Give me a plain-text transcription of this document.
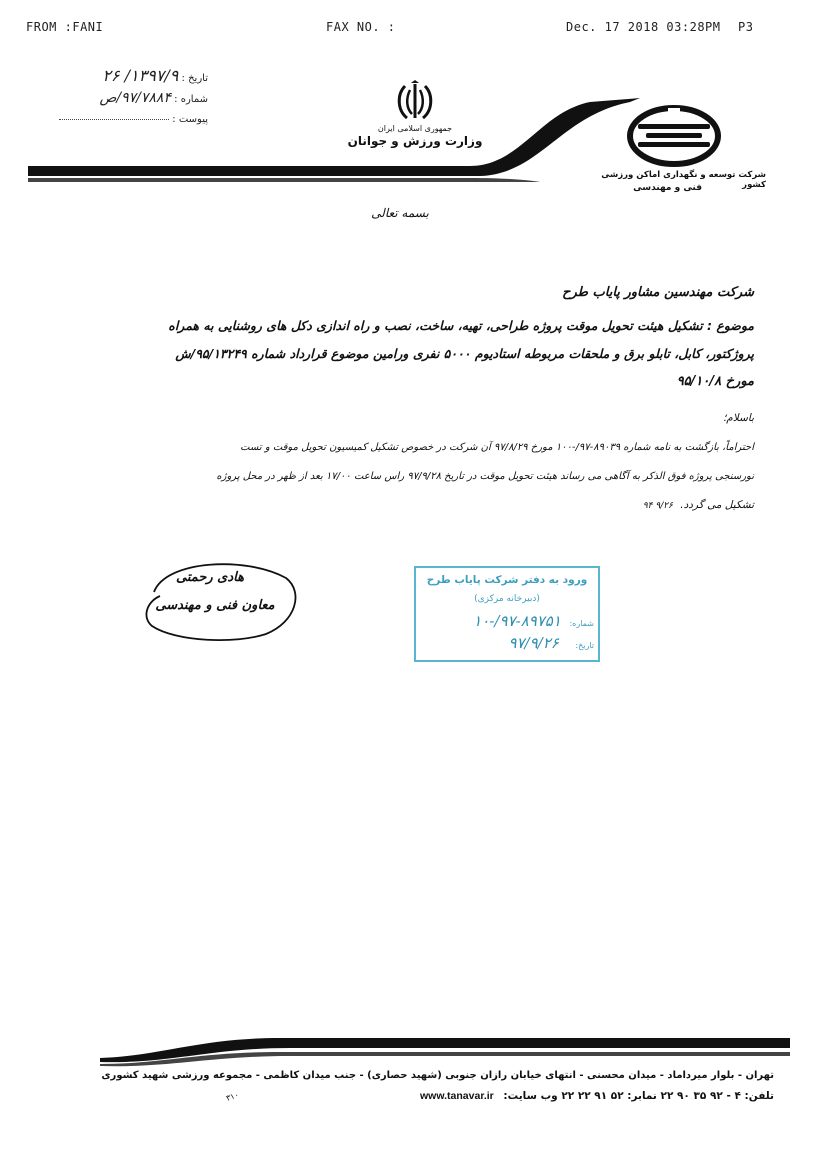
FROM :FANI	FAX NO. :	Dec. 17 2018 03:28PM P3
تاریخ : ۱۳۹۷/۹/ ۲۶
شماره : ۹۷/۷۸۸۴/ص
پیوست :
جمهوری اسلامی ایران
وزارت ورزش و جوانان
شرکت توسعه و نگهداری اماکن ورزشی کشور
فنی و مهندسی
بسمه تعالی
شرکت مهندسین مشاور پایاب طرح
موضوع : تشکیل هیئت تحویل موقت پروژه طراحی، تهیه، ساخت، نصب و راه اندازی دکل های روشنایی به همراه
پروژکتور، کابل، تابلو برق و ملحقات مربوطه استادیوم ۵۰۰۰ نفری ورامین موضوع قرارداد شماره ۹۵/۱۳۲۴۹/ش
مورخ ۹۵/۱۰/۸
باسلام؛
احتراماً، بازگشت به نامه شماره ۸۹۰۳۹-۹۷/-۱۰۰ مورخ ۹۷/۸/۲۹ آن شرکت در خصوص تشکیل کمیسیون تحویل موقت و تست
نورسنجی پروژه فوق الذکر به آگاهی می رساند هیئت تحویل موقت در تاریخ ۹۷/۹/۲۸ راس ساعت ۱۷/۰۰ بعد از ظهر در محل پروژه
تشکیل می گردد. ۹/۲۶ ۹۴
هادی رحمتی
معاون فنی و مهندسی
ورود به دفتر شرکت پایاب طرح
(دبیرخانه مرکزی)
شماره: ۸۹۷۵۱-۹۷/-۱۰
تاریخ: ۹۷/۹/۲۶
تهران - بلوار میرداماد - میدان محسنی - انتهای خیابان رازان جنوبی (شهید حصاری) - جنب میدان کاظمی - مجموعه ورزشی شهید کشوری
www.tanavar.ir تلفن: ۴ - ۹۲ ۳۵ ۹۰ ۲۲ نمابر: ۵۲ ۹۱ ۲۲ ۲۲ وب سایت:
۳۱۰
